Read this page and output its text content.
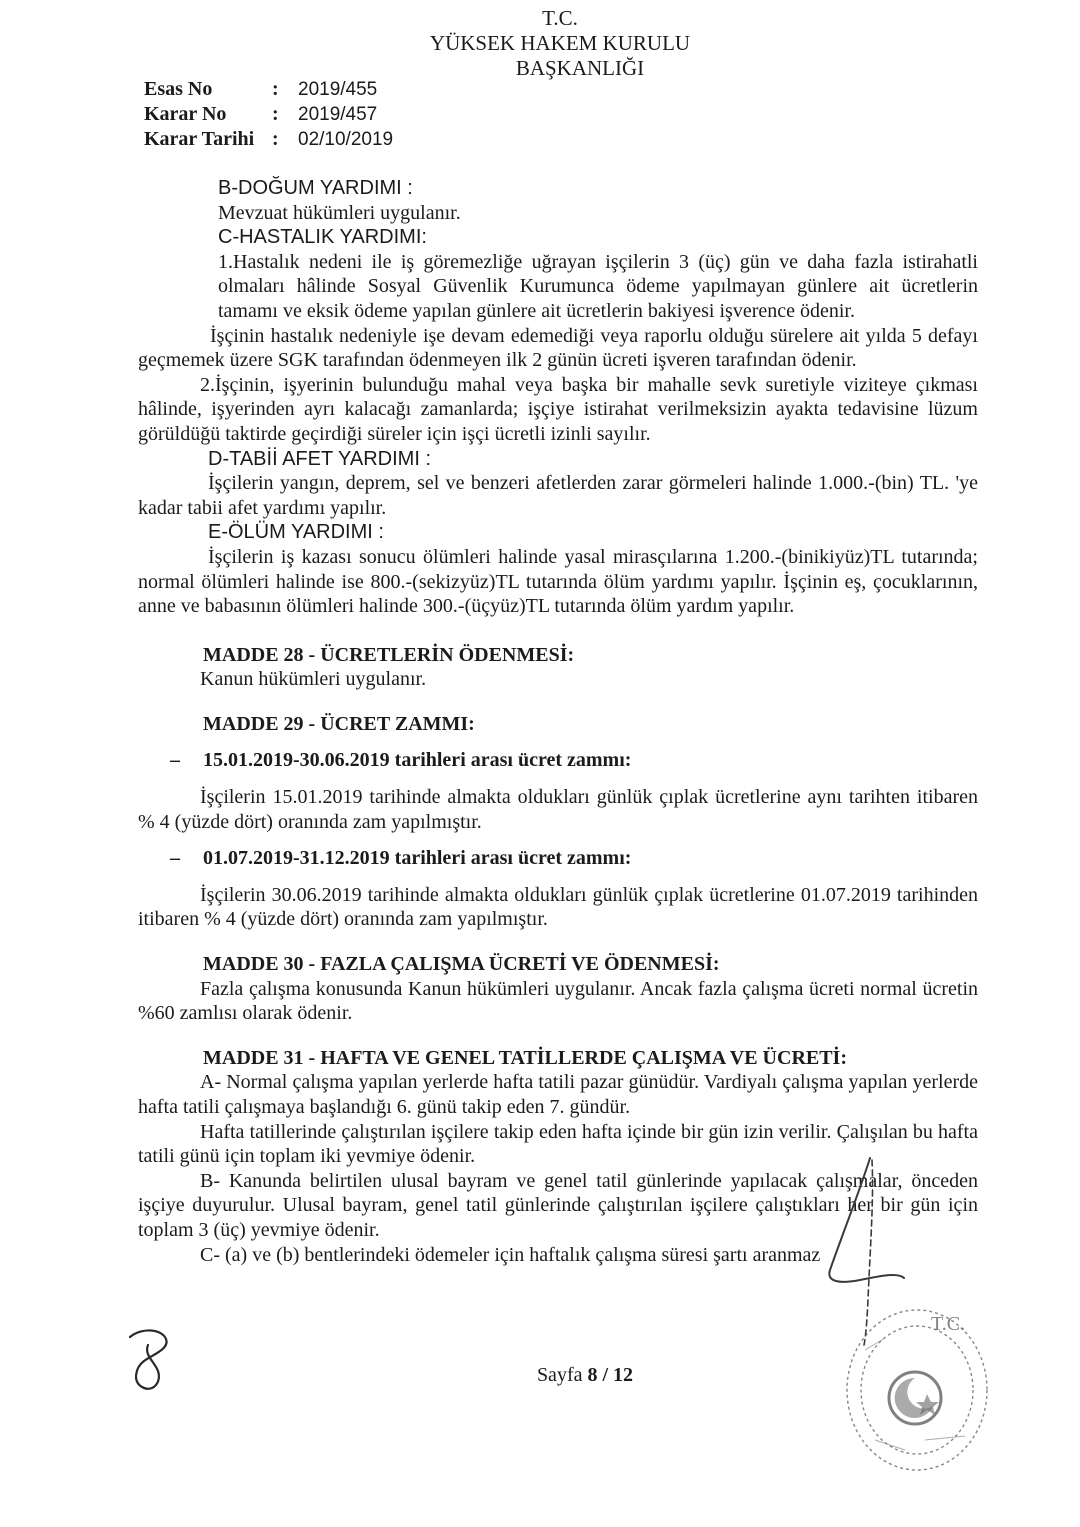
T.C.
YÜKSEK HAKEM KURULU
BAŞKANLIĞI
Esas No	:	2019/455
Karar No	:	2019/457
Karar Tarihi :	02/10/2019

B-DOĞUM YARDIMI :

Mevzuat hükümleri uygulanır.

C-HASTALIK YARDIMI:

1.Hastalık nedeni ile iş göremezliğe uğrayan işçilerin 3 (üç) gün ve daha fazla istirahatli olmaları hâlinde Sosyal Güvenlik Kurumunca ödeme yapılmayan günlere ait ücretlerin tamamı ve eksik ödeme yapılan günlere ait ücretlerin bakiyesi işverence ödenir.

İşçinin hastalık nedeniyle işe devam edemediği veya raporlu olduğu sürelere ait yılda 5 defayı geçmemek üzere SGK tarafından ödenmeyen ilk 2 günün ücreti işveren tarafından ödenir.

2.İşçinin, işyerinin bulunduğu mahal veya başka bir mahalle sevk suretiyle viziteye çıkması hâlinde, işyerinden ayrı kalacağı zamanlarda; işçiye istirahat verilmeksizin ayakta tedavisine lüzum görüldüğü taktirde geçirdiği süreler için işçi ücretli izinli sayılır.

D-TABİİ AFET YARDIMI :

İşçilerin yangın, deprem, sel ve benzeri afetlerden zarar görmeleri halinde 1.000.-(bin) TL. 'ye kadar tabii afet yardımı yapılır.

E-ÖLÜM YARDIMI :

İşçilerin iş kazası sonucu ölümleri halinde yasal mirasçılarına 1.200.-(binikiyüz)TL tutarında; normal ölümleri halinde ise 800.-(sekizyüz)TL tutarında ölüm yardımı yapılır. İşçinin eş, çocuklarının, anne ve babasının ölümleri halinde 300.-(üçyüz)TL tutarında ölüm yardım yapılır.

MADDE 28 - ÜCRETLERİN ÖDENMESİ:

Kanun hükümleri uygulanır.

MADDE 29 - ÜCRET ZAMMI:

–	15.01.2019-30.06.2019 tarihleri arası ücret zammı:

İşçilerin 15.01.2019 tarihinde almakta oldukları günlük çıplak ücretlerine aynı tarihten itibaren % 4 (yüzde dört) oranında zam yapılmıştır.

–	01.07.2019-31.12.2019 tarihleri arası ücret zammı:

İşçilerin 30.06.2019 tarihinde almakta oldukları günlük çıplak ücretlerine 01.07.2019 tarihinden itibaren % 4 (yüzde dört) oranında zam yapılmıştır.

MADDE 30 - FAZLA ÇALIŞMA ÜCRETİ VE ÖDENMESİ:

Fazla çalışma konusunda Kanun hükümleri uygulanır. Ancak fazla çalışma ücreti normal ücretin %60 zamlısı olarak ödenir.

MADDE 31 - HAFTA VE GENEL TATİLLERDE ÇALIŞMA VE ÜCRETİ:

A- Normal çalışma yapılan yerlerde hafta tatili pazar günüdür. Vardiyalı çalışma yapılan yerlerde hafta tatili çalışmaya başlandığı 6. günü takip eden 7. gündür.

Hafta tatillerinde çalıştırılan işçilere takip eden hafta içinde bir gün izin verilir. Çalışılan bu hafta tatili günü için toplam iki yevmiye ödenir.

B- Kanunda belirtilen ulusal bayram ve genel tatil günlerinde yapılacak çalışmalar, önceden işçiye duyurulur. Ulusal bayram, genel tatil günlerinde çalıştırılan işçilere çalıştıkları her bir gün için toplam 3 (üç) yevmiye ödenir.

C- (a) ve (b) bentlerindeki ödemeler için haftalık çalışma süresi şartı aranmaz

Sayfa 8 / 12
T.C.
